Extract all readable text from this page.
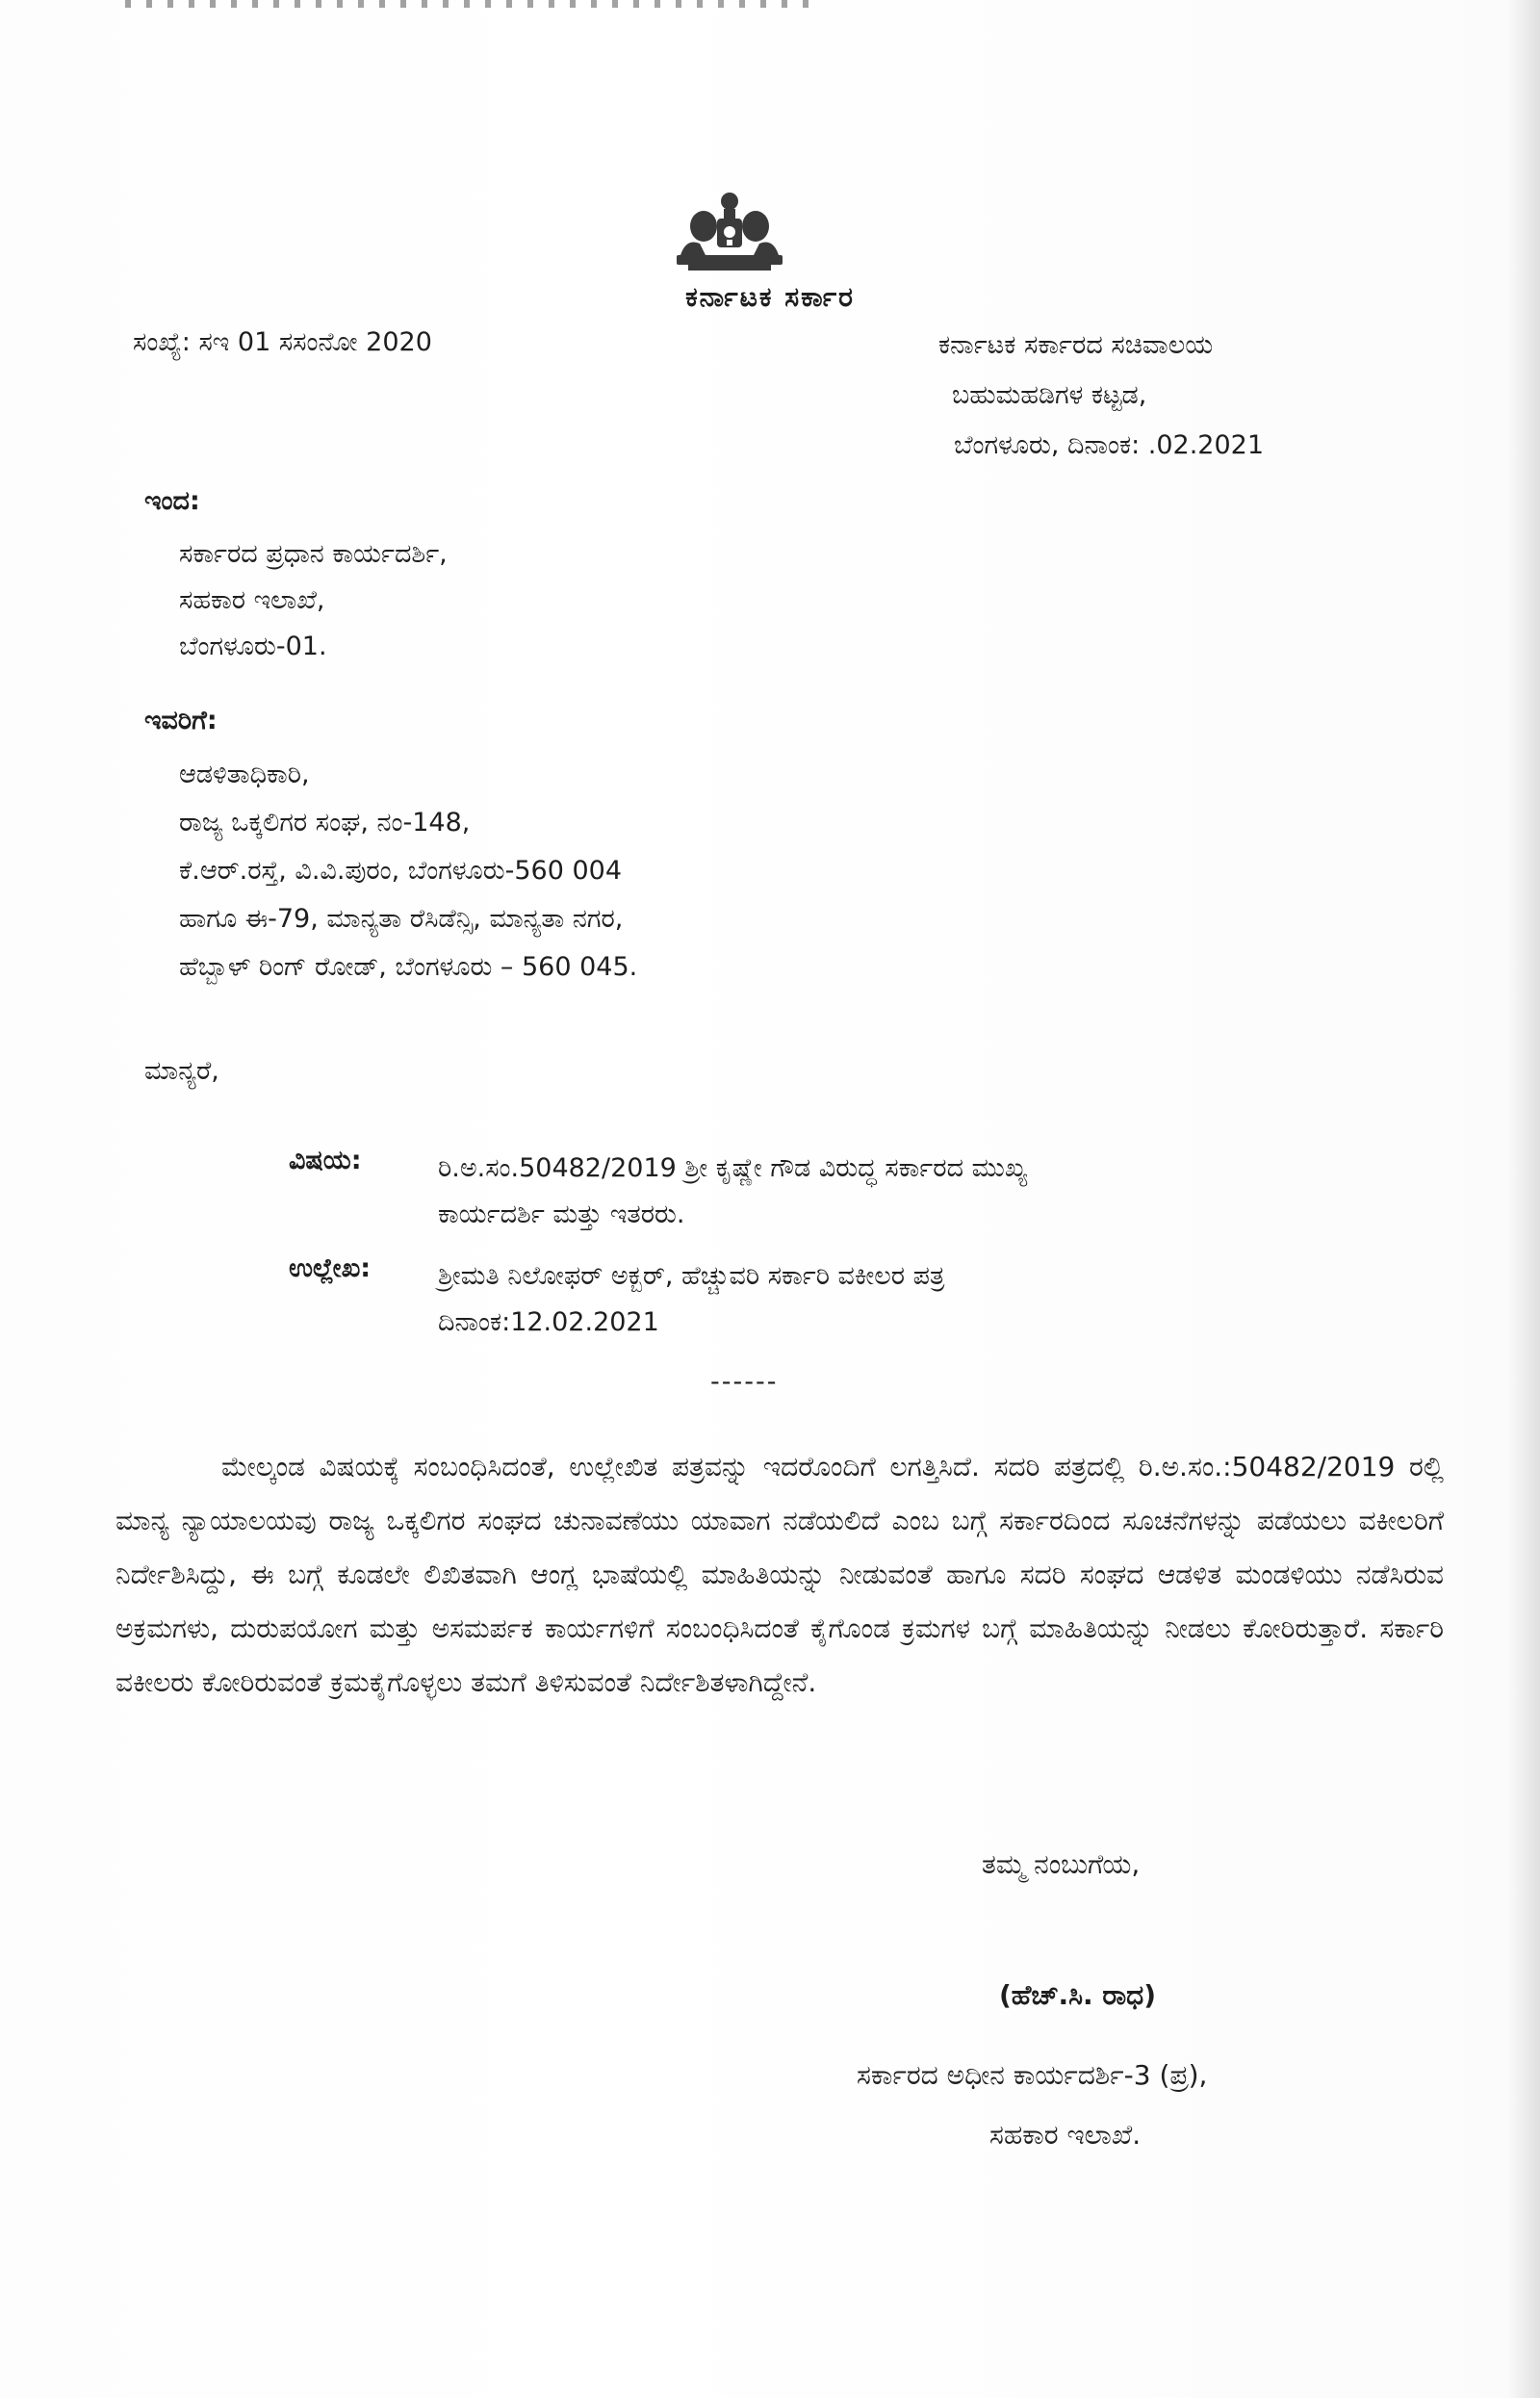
ಕರ್ನಾಟಕ ಸರ್ಕಾರ
ಸಂಖ್ಯೆ: ಸಇ 01 ಸಸಂನೋ 2020	ಕರ್ನಾಟಕ ಸರ್ಕಾರದ ಸಚಿವಾಲಯ
ಬಹುಮಹಡಿಗಳ ಕಟ್ಟಡ,
ಬೆಂಗಳೂರು, ದಿನಾಂಕ: .02.2021
ಇಂದ:
ಸರ್ಕಾರದ ಪ್ರಧಾನ ಕಾರ್ಯದರ್ಶಿ,
ಸಹಕಾರ ಇಲಾಖೆ,
ಬೆಂಗಳೂರು-01.
ಇವರಿಗೆ:
ಆಡಳಿತಾಧಿಕಾರಿ,
ರಾಜ್ಯ ಒಕ್ಕಲಿಗರ ಸಂಘ, ನಂ-148,
ಕೆ.ಆರ್.ರಸ್ತೆ, ವಿ.ವಿ.ಪುರಂ, ಬೆಂಗಳೂರು-560 004
ಹಾಗೂ ಈ-79, ಮಾನ್ಯತಾ ರೆಸಿಡೆನ್ಸಿ, ಮಾನ್ಯತಾ ನಗರ,
ಹೆಬ್ಬಾಳ್ ರಿಂಗ್ ರೋಡ್, ಬೆಂಗಳೂರು – 560 045.
ಮಾನ್ಯರೆ,
ವಿಷಯ:	ರಿ.ಅ.ಸಂ.50482/2019 ಶ್ರೀ ಕೃಷ್ಣೇ ಗೌಡ ವಿರುದ್ಧ ಸರ್ಕಾರದ ಮುಖ್ಯ
ಕಾರ್ಯದರ್ಶಿ ಮತ್ತು ಇತರರು.
ಉಲ್ಲೇಖ:	ಶ್ರೀಮತಿ ನಿಲೋಫರ್ ಅಕ್ಬರ್, ಹೆಚ್ಚುವರಿ ಸರ್ಕಾರಿ ವಕೀಲರ ಪತ್ರ
ದಿನಾಂಕ:12.02.2021
------
ಮೇಲ್ಕಂಡ ವಿಷಯಕ್ಕೆ ಸಂಬಂಧಿಸಿದಂತೆ, ಉಲ್ಲೇಖಿತ ಪತ್ರವನ್ನು ಇದರೊಂದಿಗೆ ಲಗತ್ತಿಸಿದೆ. ಸದರಿ ಪತ್ರದಲ್ಲಿ ರಿ.ಅ.ಸಂ.:50482/2019 ರಲ್ಲಿ ಮಾನ್ಯ ನ್ಯಾಯಾಲಯವು ರಾಜ್ಯ ಒಕ್ಕಲಿಗರ ಸಂಘದ ಚುನಾವಣೆಯು ಯಾವಾಗ ನಡೆಯಲಿದೆ ಎಂಬ ಬಗ್ಗೆ ಸರ್ಕಾರದಿಂದ ಸೂಚನೆಗಳನ್ನು ಪಡೆಯಲು ವಕೀಲರಿಗೆ ನಿರ್ದೇಶಿಸಿದ್ದು, ಈ ಬಗ್ಗೆ ಕೂಡಲೇ ಲಿಖಿತವಾಗಿ ಆಂಗ್ಲ ಭಾಷೆಯಲ್ಲಿ ಮಾಹಿತಿಯನ್ನು ನೀಡುವಂತೆ ಹಾಗೂ ಸದರಿ ಸಂಘದ ಆಡಳಿತ ಮಂಡಳಿಯು ನಡೆಸಿರುವ ಅಕ್ರಮಗಳು, ದುರುಪಯೋಗ ಮತ್ತು ಅಸಮರ್ಪಕ ಕಾರ್ಯಗಳಿಗೆ ಸಂಬಂಧಿಸಿದಂತೆ ಕೈಗೊಂಡ ಕ್ರಮಗಳ ಬಗ್ಗೆ ಮಾಹಿತಿಯನ್ನು ನೀಡಲು ಕೋರಿರುತ್ತಾರೆ. ಸರ್ಕಾರಿ ವಕೀಲರು ಕೋರಿರುವಂತೆ ಕ್ರಮಕೈಗೊಳ್ಳಲು ತಮಗೆ ತಿಳಿಸುವಂತೆ ನಿರ್ದೇಶಿತಳಾಗಿದ್ದೇನೆ.
ತಮ್ಮ ನಂಬುಗೆಯ,
(ಹೆಚ್.ಸಿ. ರಾಧ)
ಸರ್ಕಾರದ ಅಧೀನ ಕಾರ್ಯದರ್ಶಿ-3 (ಪ್ರ),
ಸಹಕಾರ ಇಲಾಖೆ.
